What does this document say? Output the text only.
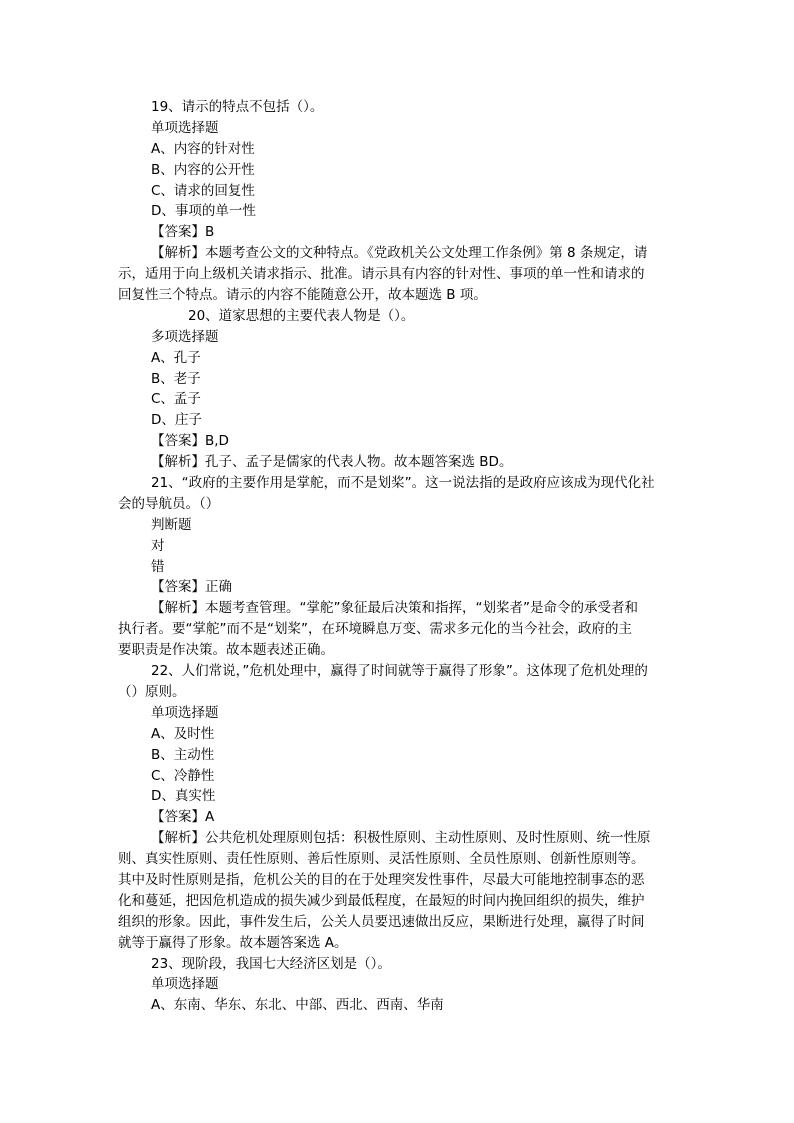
19、请示的特点不包括（）。
单项选择题
A、内容的针对性
B、内容的公开性
C、请求的回复性
D、事项的单一性
【答案】B
【解析】本题考查公文的文种特点。《党政机关公文处理工作条例》第 8 条规定，请
示，适用于向上级机关请求指示、批准。请示具有内容的针对性、事项的单一性和请求的
回复性三个特点。请示的内容不能随意公开，故本题选 B 项。
20、道家思想的主要代表人物是（）。
多项选择题
A、孔子
B、老子
C、孟子
D、庄子
【答案】B,D
【解析】孔子、孟子是儒家的代表人物。故本题答案选 BD。
21、“政府的主要作用是掌舵，而不是划桨”。这一说法指的是政府应该成为现代化社
会的导航员。（）
判断题
对
错
【答案】正确
【解析】本题考查管理。“掌舵”象征最后决策和指挥，“划桨者”是命令的承受者和
执行者。要“掌舵”而不是“划桨”，在环境瞬息万变、需求多元化的当今社会，政府的主
要职责是作决策。故本题表述正确。
22、人们常说，”危机处理中，赢得了时间就等于赢得了形象”。这体现了危机处理的
（）原则。
单项选择题
A、及时性
B、主动性
C、冷静性
D、真实性
【答案】A
【解析】公共危机处理原则包括：积极性原则、主动性原则、及时性原则、统一性原
则、真实性原则、责任性原则、善后性原则、灵活性原则、全员性原则、创新性原则等。
其中及时性原则是指，危机公关的目的在于处理突发性事件，尽最大可能地控制事态的恶
化和蔓延，把因危机造成的损失减少到最低程度，在最短的时间内挽回组织的损失，维护
组织的形象。因此，事件发生后，公关人员要迅速做出反应，果断进行处理，赢得了时间
就等于赢得了形象。故本题答案选 A。
23、现阶段，我国七大经济区划是（）。
单项选择题
A、东南、华东、东北、中部、西北、西南、华南
